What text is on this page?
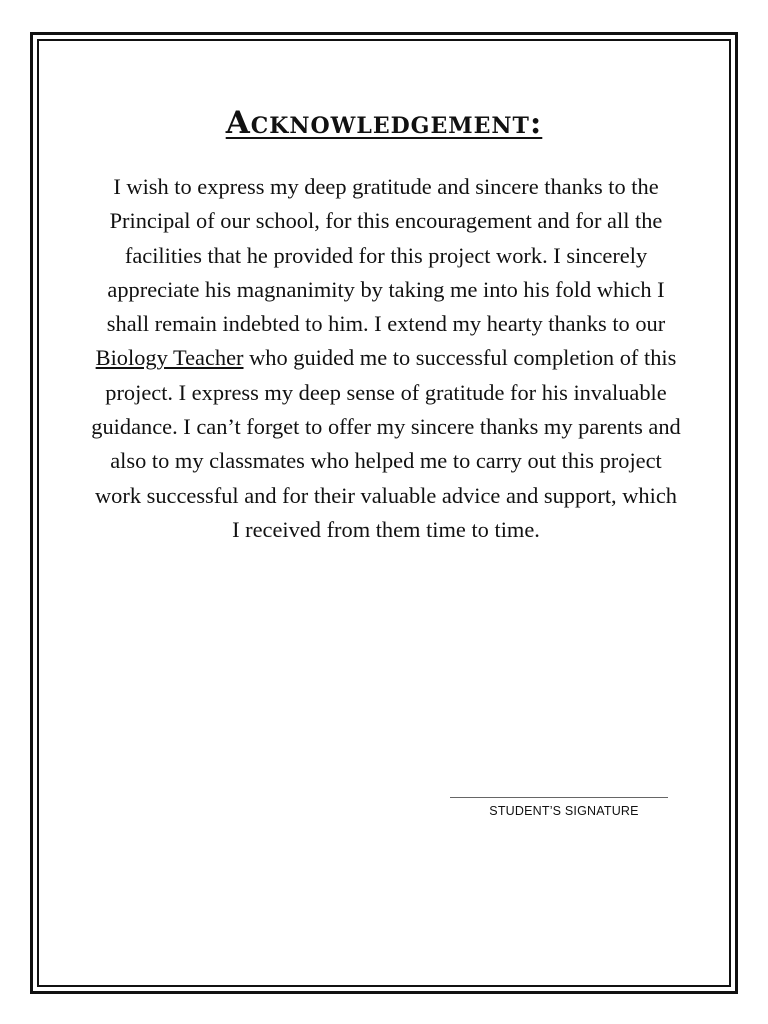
Acknowledgement:

I wish to express my deep gratitude and sincere thanks to the Principal of our school, for this encouragement and for all the facilities that he provided for this project work. I sincerely appreciate his magnanimity by taking me into his fold which I shall remain indebted to him. I extend my hearty thanks to our Biology Teacher who guided me to successful completion of this project. I express my deep sense of gratitude for his invaluable guidance. I can’t forget to offer my sincere thanks my parents and also to my classmates who helped me to carry out this project work successful and for their valuable advice and support, which I received from them time to time.

STUDENT’S SIGNATURE
